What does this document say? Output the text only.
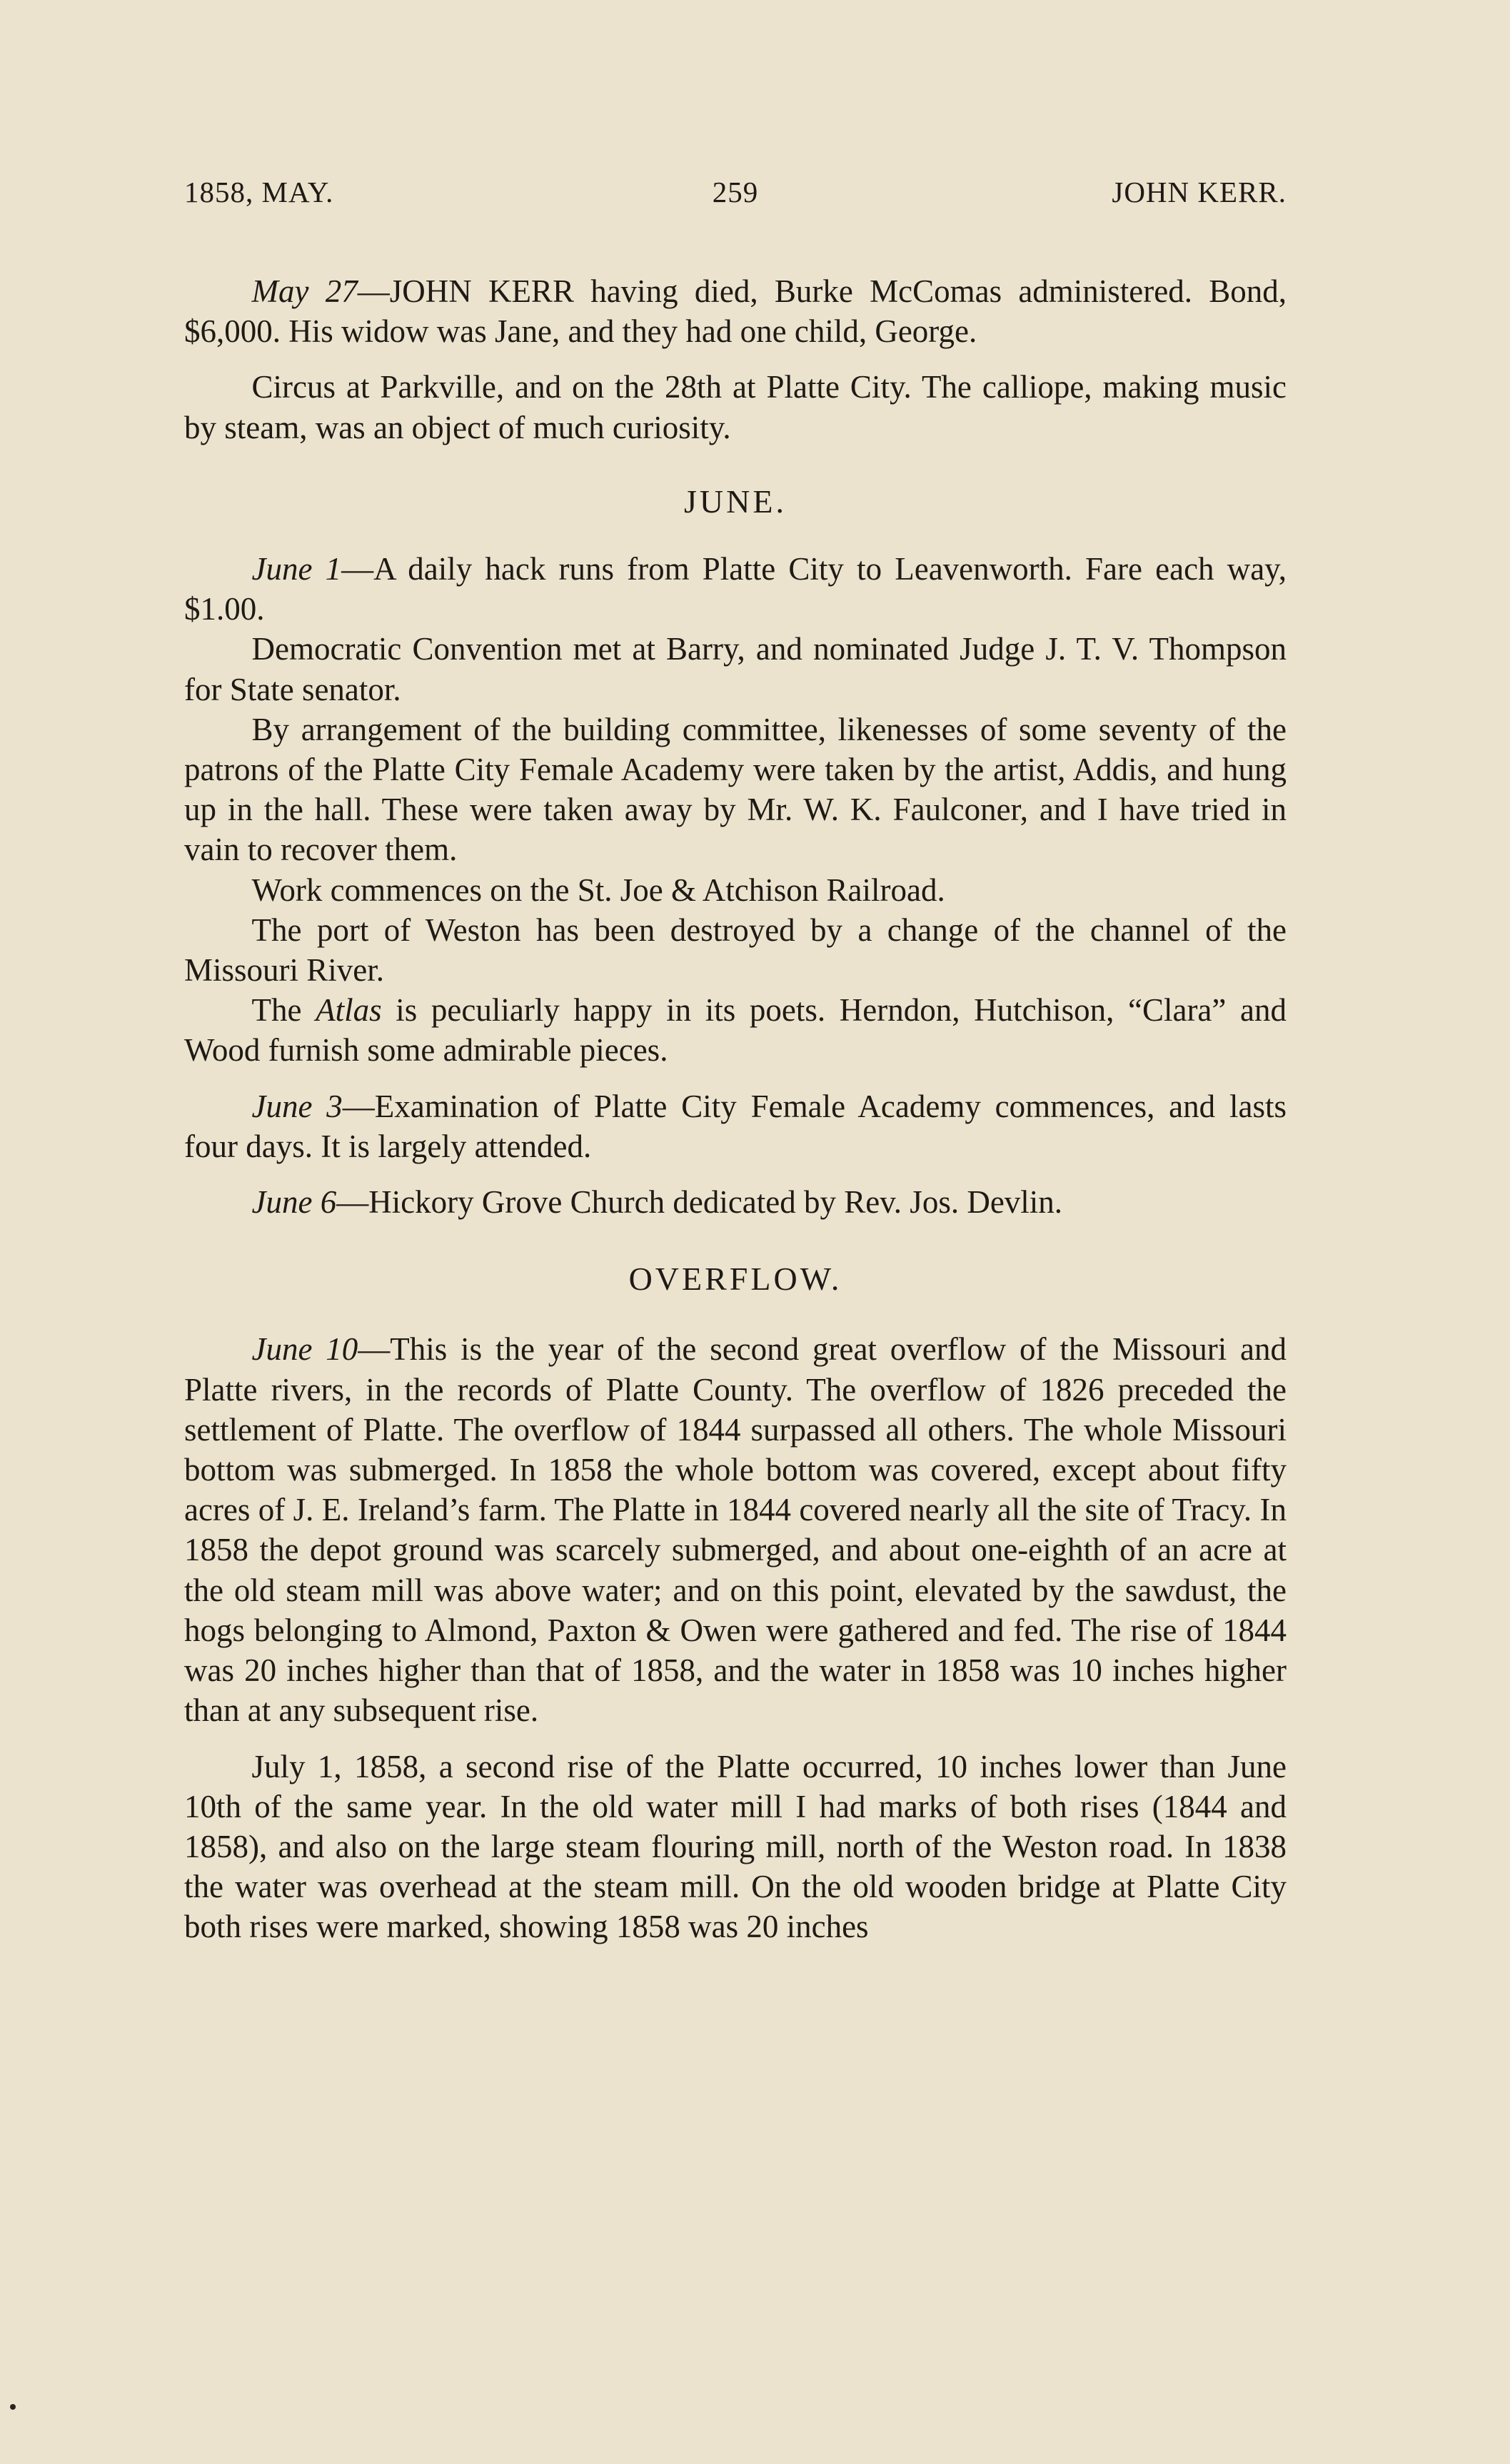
1858, MAY.	259	JOHN KERR.

May 27—JOHN KERR having died, Burke McComas administered. Bond, $6,000. His widow was Jane, and they had one child, George.

Circus at Parkville, and on the 28th at Platte City. The calliope, making music by steam, was an object of much curiosity.

JUNE.

June 1—A daily hack runs from Platte City to Leavenworth. Fare each way, $1.00.

Democratic Convention met at Barry, and nominated Judge J. T. V. Thompson for State senator.

By arrangement of the building committee, likenesses of some seventy of the patrons of the Platte City Female Academy were taken by the artist, Addis, and hung up in the hall. These were taken away by Mr. W. K. Faulconer, and I have tried in vain to recover them.

Work commences on the St. Joe & Atchison Railroad.

The port of Weston has been destroyed by a change of the channel of the Missouri River.

The Atlas is peculiarly happy in its poets. Herndon, Hutchison, “Clara” and Wood furnish some admirable pieces.

June 3—Examination of Platte City Female Academy commences, and lasts four days. It is largely attended.

June 6—Hickory Grove Church dedicated by Rev. Jos. Devlin.

OVERFLOW.

June 10—This is the year of the second great overflow of the Missouri and Platte rivers, in the records of Platte County. The overflow of 1826 preceded the settlement of Platte. The overflow of 1844 surpassed all others. The whole Missouri bottom was submerged. In 1858 the whole bottom was covered, except about fifty acres of J. E. Ireland’s farm. The Platte in 1844 covered nearly all the site of Tracy. In 1858 the depot ground was scarcely submerged, and about one-eighth of an acre at the old steam mill was above water; and on this point, elevated by the sawdust, the hogs belonging to Almond, Paxton & Owen were gathered and fed. The rise of 1844 was 20 inches higher than that of 1858, and the water in 1858 was 10 inches higher than at any subsequent rise.

July 1, 1858, a second rise of the Platte occurred, 10 inches lower than June 10th of the same year. In the old water mill I had marks of both rises (1844 and 1858), and also on the large steam flouring mill, north of the Weston road. In 1838 the water was overhead at the steam mill. On the old wooden bridge at Platte City both rises were marked, showing 1858 was 20 inches
